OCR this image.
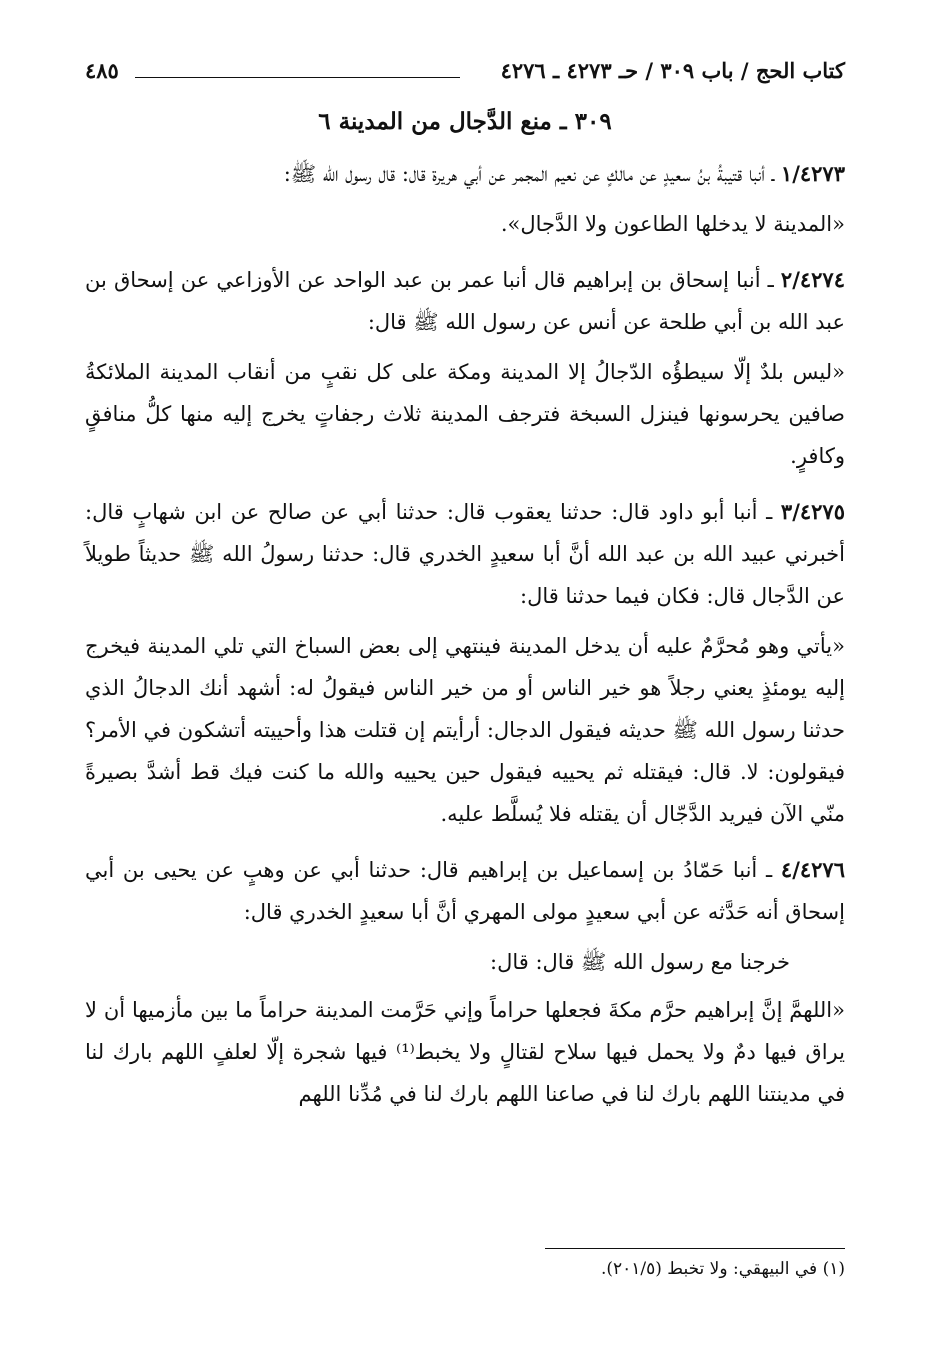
كتاب الحج / باب ٣٠٩ / حـ ٤٢٧٣ ـ ٤٢٧٦
٤٨٥
٣٠٩ ـ منع الدَّجال من المدينة ٦

١/٤٢٧٣ ـ أنبا قتيبةُ بنُ سعيدٍ عن مالكٍ عن نعيم المجمر عن أبي هريرة قال: قال رسول الله ﷺ:

«المدينة لا يدخلها الطاعون ولا الدَّجال».

٢/٤٢٧٤ ـ أنبا إسحاق بن إبراهيم قال أنبا عمر بن عبد الواحد عن الأوزاعي عن إسحاق بن عبد الله بن أبي طلحة عن أنس عن رسول الله ﷺ قال:

«ليس بلدٌ إلّا سيطؤُه الدّجالُ إلا المدينة ومكة على كل نقبٍ من أنقاب المدينة الملائكةُ صافين يحرسونها فينزل السبخة فترجف المدينة ثلاث رجفاتٍ يخرج إليه منها كلُّ منافقٍ وكافرٍ.

٣/٤٢٧٥ ـ أنبا أبو داود قال: حدثنا يعقوب قال: حدثنا أبي عن صالح عن ابن شهابٍ قال: أخبرني عبيد الله بن عبد الله أنَّ أبا سعيدٍ الخدري قال: حدثنا رسولُ الله ﷺ حديثاً طويلاً عن الدَّجال قال: فكان فيما حدثنا قال:

«يأتي وهو مُحرَّمٌ عليه أن يدخل المدينة فينتهي إلى بعض السباخ التي تلي المدينة فيخرج إليه يومئذٍ يعني رجلاً هو خير الناس أو من خير الناس فيقولُ له: أشهد أنك الدجالُ الذي حدثنا رسول الله ﷺ حديثه فيقول الدجال: أرأيتم إن قتلت هذا وأحييته أتشكون في الأمر؟ فيقولون: لا. قال: فيقتله ثم يحييه فيقول حين يحييه والله ما كنت فيك قط أشدَّ بصيرةً منّي الآن فيريد الدَّجّال أن يقتله فلا يُسلَّط عليه.

٤/٤٢٧٦ ـ أنبا حَمّادُ بن إسماعيل بن إبراهيم قال: حدثنا أبي عن وهبٍ عن يحيى بن أبي إسحاق أنه حَدَّثه عن أبي سعيدٍ مولى المهري أنَّ أبا سعيدٍ الخدري قال:

خرجنا مع رسول الله ﷺ قال: قال:

«اللهمَّ إنَّ إبراهيم حرَّم مكةَ فجعلها حراماً وإني حَرَّمت المدينة حراماً ما بين مأزميها أن لا يراق فيها دمٌ ولا يحمل فيها سلاح لقتالٍ ولا يخبط⁽¹⁾ فيها شجرة إلّا لعلفٍ اللهم بارك لنا في مدينتنا اللهم بارك لنا في صاعنا اللهم بارك لنا في مُدِّنا اللهم

(١) في البيهقي: ولا تخبط (٢٠١/٥).
